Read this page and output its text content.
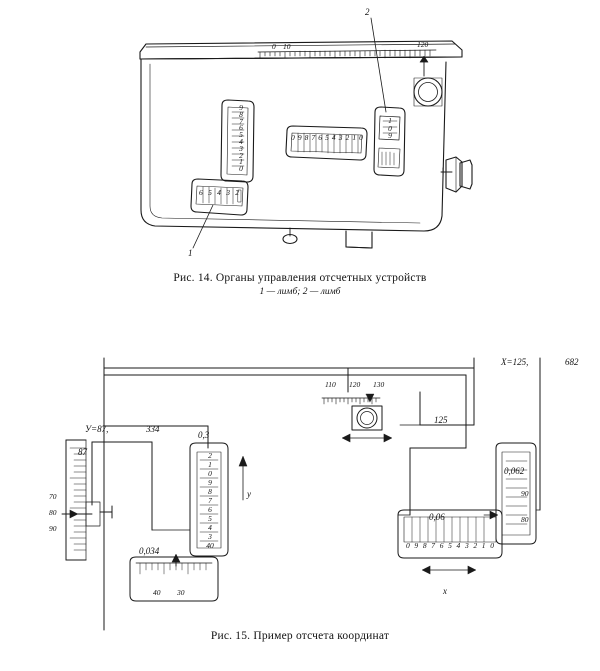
2
1
0 10	120
9
8
7
6
5
4
3
2
1
0
0 9 8 7 6 5 4 3 2 1 0
1
0
9
6 5 4 3 2
Рис. 14. Органы управления отсчетных устройств
1 — лимб; 2 — лимб
У=87,
87
334
0,3
0,034
у
Х=125,	682
125
0,062
0,06
х
90
80
70
110 120 130
2
1
0
9
8
7
6
5
4
3
40
40 30
90
80
0 9 8 7 6 5 4 3 2 1 0
Рис. 15. Пример отсчета координат
